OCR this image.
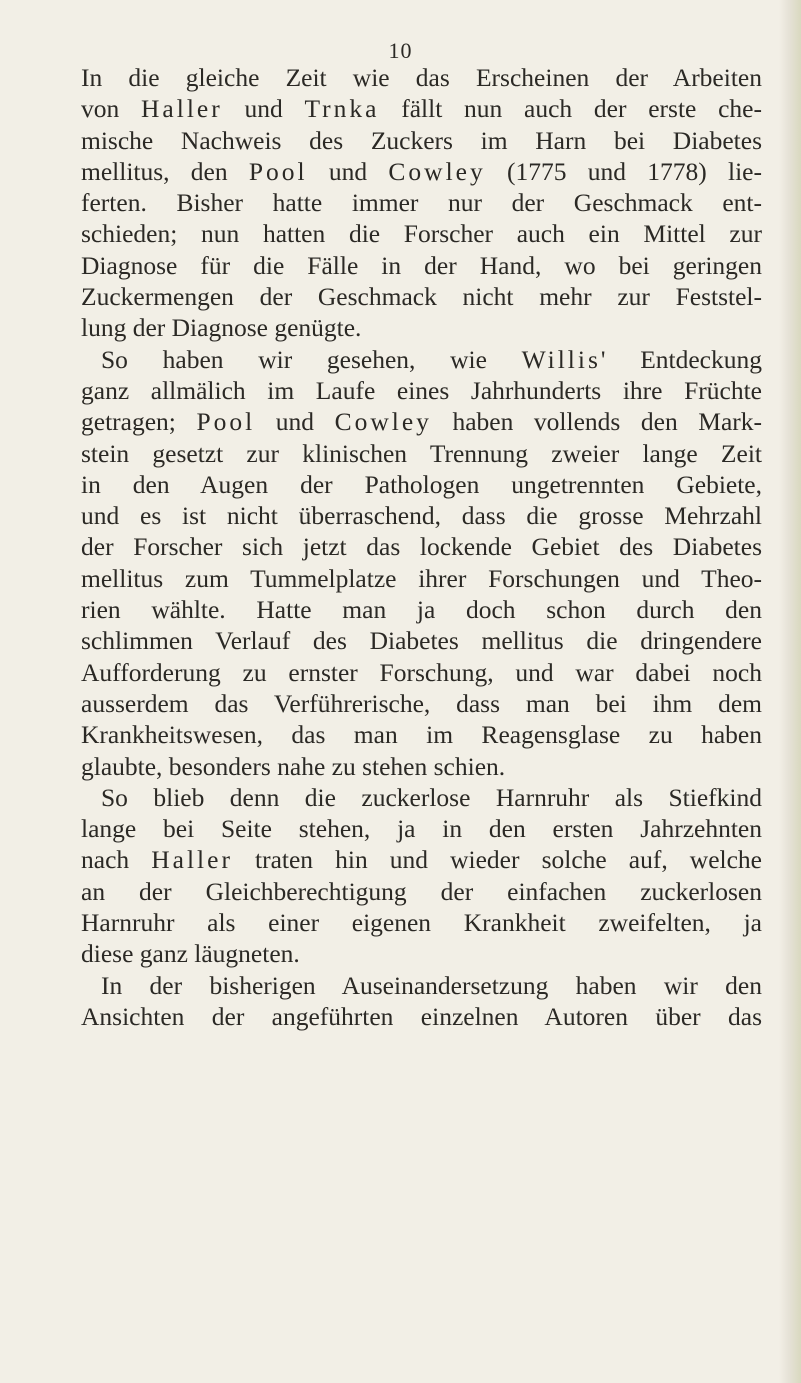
10
In die gleiche Zeit wie das Erscheinen der Arbeiten
von Haller und Trnka fällt nun auch der erste che-
mische Nachweis des Zuckers im Harn bei Diabetes
mellitus, den Pool und Cowley (1775 und 1778) lie-
ferten. Bisher hatte immer nur der Geschmack ent-
schieden; nun hatten die Forscher auch ein Mittel zur
Diagnose für die Fälle in der Hand, wo bei geringen
Zuckermengen der Geschmack nicht mehr zur Feststel-
lung der Diagnose genügte.
So haben wir gesehen, wie Willis' Entdeckung
ganz allmälich im Laufe eines Jahrhunderts ihre Früchte
getragen; Pool und Cowley haben vollends den Mark-
stein gesetzt zur klinischen Trennung zweier lange Zeit
in den Augen der Pathologen ungetrennten Gebiete,
und es ist nicht überraschend, dass die grosse Mehrzahl
der Forscher sich jetzt das lockende Gebiet des Diabetes
mellitus zum Tummelplatze ihrer Forschungen und Theo-
rien wählte. Hatte man ja doch schon durch den
schlimmen Verlauf des Diabetes mellitus die dringendere
Aufforderung zu ernster Forschung, und war dabei noch
ausserdem das Verführerische, dass man bei ihm dem
Krankheitswesen, das man im Reagensglase zu haben
glaubte, besonders nahe zu stehen schien.
So blieb denn die zuckerlose Harnruhr als Stiefkind
lange bei Seite stehen, ja in den ersten Jahrzehnten
nach Haller traten hin und wieder solche auf, welche
an der Gleichberechtigung der einfachen zuckerlosen
Harnruhr als einer eigenen Krankheit zweifelten, ja
diese ganz läugneten.
In der bisherigen Auseinandersetzung haben wir den
Ansichten der angeführten einzelnen Autoren über das
